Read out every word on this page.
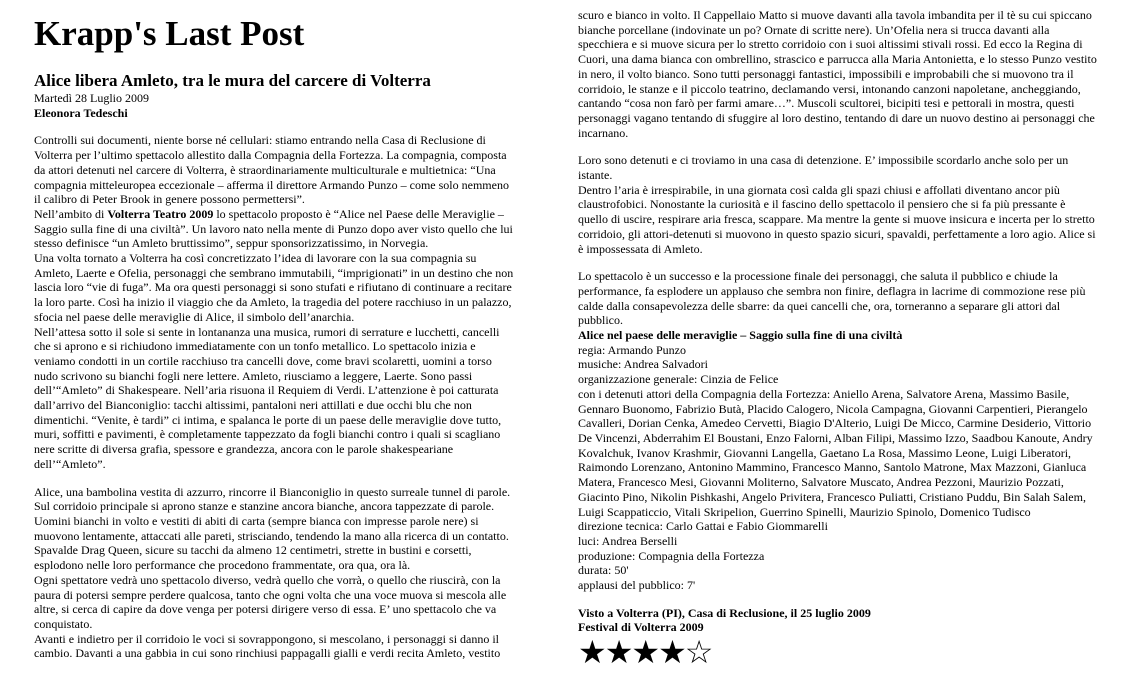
Krapp's Last Post
Alice libera Amleto, tra le mura del carcere di Volterra

Martedì 28 Luglio 2009

Eleonora Tedeschi

Controlli sui documenti, niente borse né cellulari: stiamo entrando nella Casa di Reclusione di Volterra per l’ultimo spettacolo allestito dalla Compagnia della Fortezza. La compagnia, composta da attori detenuti nel carcere di Volterra, è straordinariamente multiculturale e multietnica: “Una compagnia mitteleuropea eccezionale – afferma il direttore Armando Punzo – come solo nemmeno il calibro di Peter Brook in genere possono permettersi”.

Nell’ambito di Volterra Teatro 2009 lo spettacolo proposto è “Alice nel Paese delle Meraviglie – Saggio sulla fine di una civiltà”. Un lavoro nato nella mente di Punzo dopo aver visto quello che lui stesso definisce “un Amleto bruttissimo”, seppur sponsorizzatissimo, in Norvegia.

Una volta tornato a Volterra ha così concretizzato l’idea di lavorare con la sua compagnia su Amleto, Laerte e Ofelia, personaggi che sembrano immutabili, “imprigionati” in un destino che non lascia loro “vie di fuga”. Ma ora questi personaggi si sono stufati e rifiutano di continuare a recitare la loro parte. Così ha inizio il viaggio che da Amleto, la tragedia del potere racchiuso in un palazzo, sfocia nel paese delle meraviglie di Alice, il simbolo dell’anarchia.

Nell’attesa sotto il sole si sente in lontananza una musica, rumori di serrature e lucchetti, cancelli che si aprono e si richiudono immediatamente con un tonfo metallico. Lo spettacolo inizia e veniamo condotti in un cortile racchiuso tra cancelli dove, come bravi scolaretti, uomini a torso nudo scrivono su bianchi fogli nere lettere. Amleto, riusciamo a leggere, Laerte. Sono passi dell’“Amleto” di Shakespeare. Nell’aria risuona il Requiem di Verdi. L’attenzione è poi catturata dall’arrivo del Bianconiglio: tacchi altissimi, pantaloni neri attillati e due occhi blu che non dimentichi. “Venite, è tardi” ci intima, e spalanca le porte di un paese delle meraviglie dove tutto, muri, soffitti e pavimenti, è completamente tappezzato da fogli bianchi contro i quali si scagliano nere scritte di diversa grafia, spessore e grandezza, ancora con le parole shakespeariane dell’“Amleto”.

Alice, una bambolina vestita di azzurro, rincorre il Bianconiglio in questo surreale tunnel di parole. Sul corridoio principale si aprono stanze e stanzine ancora bianche, ancora tappezzate di parole. Uomini bianchi in volto e vestiti di abiti di carta (sempre bianca con impresse parole nere) si muovono lentamente, attaccati alle pareti, strisciando, tendendo la mano alla ricerca di un contatto. Spavalde Drag Queen, sicure su tacchi da almeno 12 centimetri, strette in bustini e corsetti, esplodono nelle loro performance che procedono frammentate, ora qua, ora là.

Ogni spettatore vedrà uno spettacolo diverso, vedrà quello che vorrà, o quello che riuscirà, con la paura di potersi sempre perdere qualcosa, tanto che ogni volta che una voce muova si mescola alle altre, si cerca di capire da dove venga per potersi dirigere verso di essa. E’ uno spettacolo che va conquistato.

Avanti e indietro per il corridoio le voci si sovrappongono, si mescolano, i personaggi si danno il cambio. Davanti a una gabbia in cui sono rinchiusi pappagalli gialli e verdi recita Amleto, vestito

scuro e bianco in volto. Il Cappellaio Matto si muove davanti alla tavola imbandita per il tè su cui spiccano bianche porcellane (indovinate un po? Ornate di scritte nere). Un’Ofelia nera si trucca davanti alla specchiera e si muove sicura per lo stretto corridoio con i suoi altissimi stivali rossi. Ed ecco la Regina di Cuori, una dama bianca con ombrellino, strascico e parrucca alla Maria Antonietta, e lo stesso Punzo vestito in nero, il volto bianco. Sono tutti personaggi fantastici, impossibili e improbabili che si muovono tra il corridoio, le stanze e il piccolo teatrino, declamando versi, intonando canzoni napoletane, ancheggiando, cantando “cosa non farò per farmi amare…”. Muscoli scultorei, bicipiti tesi e pettorali in mostra, questi personaggi vagano tentando di sfuggire al loro destino, tentando di dare un nuovo destino ai personaggi che incarnano.

Loro sono detenuti e ci troviamo in una casa di detenzione. E’ impossibile scordarlo anche solo per un istante.

Dentro l’aria è irrespirabile, in una giornata così calda gli spazi chiusi e affollati diventano ancor più claustrofobici. Nonostante la curiosità e il fascino dello spettacolo il pensiero che si fa più pressante è quello di uscire, respirare aria fresca, scappare. Ma mentre la gente si muove insicura e incerta per lo stretto corridoio, gli attori-detenuti si muovono in questo spazio sicuri, spavaldi, perfettamente a loro agio. Alice si è impossessata di Amleto.

Lo spettacolo è un successo e la processione finale dei personaggi, che saluta il pubblico e chiude la performance, fa esplodere un applauso che sembra non finire, deflagra in lacrime di commozione rese più calde dalla consapevolezza delle sbarre: da quei cancelli che, ora, torneranno a separare gli attori dal pubblico.

Alice nel paese delle meraviglie – Saggio sulla fine di una civiltà

regia: Armando Punzo

musiche: Andrea Salvadori

organizzazione generale: Cinzia de Felice

con i detenuti attori della Compagnia della Fortezza: Aniello Arena, Salvatore Arena, Massimo Basile, Gennaro Buonomo, Fabrizio Butà, Placido Calogero, Nicola Campagna, Giovanni Carpentieri, Pierangelo Cavalleri, Dorian Cenka, Amedeo Cervetti, Biagio D'Alterio, Luigi De Micco, Carmine Desiderio, Vittorio De Vincenzi, Abderrahim El Boustani, Enzo Falorni, Alban Filipi, Massimo Izzo, Saadbou Kanoute, Andry Kovalchuk, Ivanov Krashmir, Giovanni Langella, Gaetano La Rosa, Massimo Leone, Luigi Liberatori, Raimondo Lorenzano, Antonino Mammino, Francesco Manno, Santolo Matrone, Max Mazzoni, Gianluca Matera, Francesco Mesi, Giovanni Moliterno, Salvatore Muscato, Andrea Pezzoni, Maurizio Pozzati, Giacinto Pino, Nikolin Pishkashi, Angelo Privitera, Francesco Puliatti, Cristiano Puddu, Bin Salah Salem, Luigi Scappaticcio, Vitali Skripelion, Guerrino Spinelli, Maurizio Spinolo, Domenico Tudisco

direzione tecnica: Carlo Gattai e Fabio Giommarelli

luci: Andrea Berselli

produzione: Compagnia della Fortezza

durata: 50'

applausi del pubblico: 7'

Visto a Volterra (PI), Casa di Reclusione, il 25 luglio 2009

Festival di Volterra 2009

★★★★☆
